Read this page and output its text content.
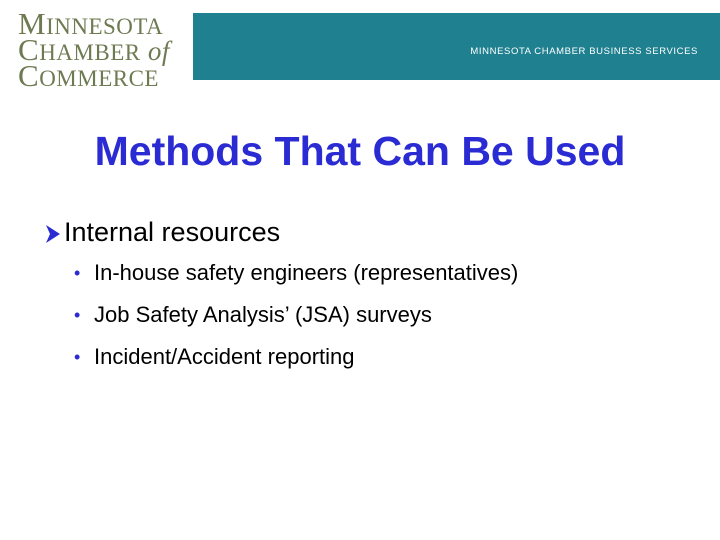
MINNESOTA
CHAMBER of
COMMERCE
MINNESOTA CHAMBER BUSINESS SERVICES
Methods That Can Be Used
Internal resources
• In-house safety engineers (representatives)
• Job Safety Analysis’ (JSA) surveys
• Incident/Accident reporting
